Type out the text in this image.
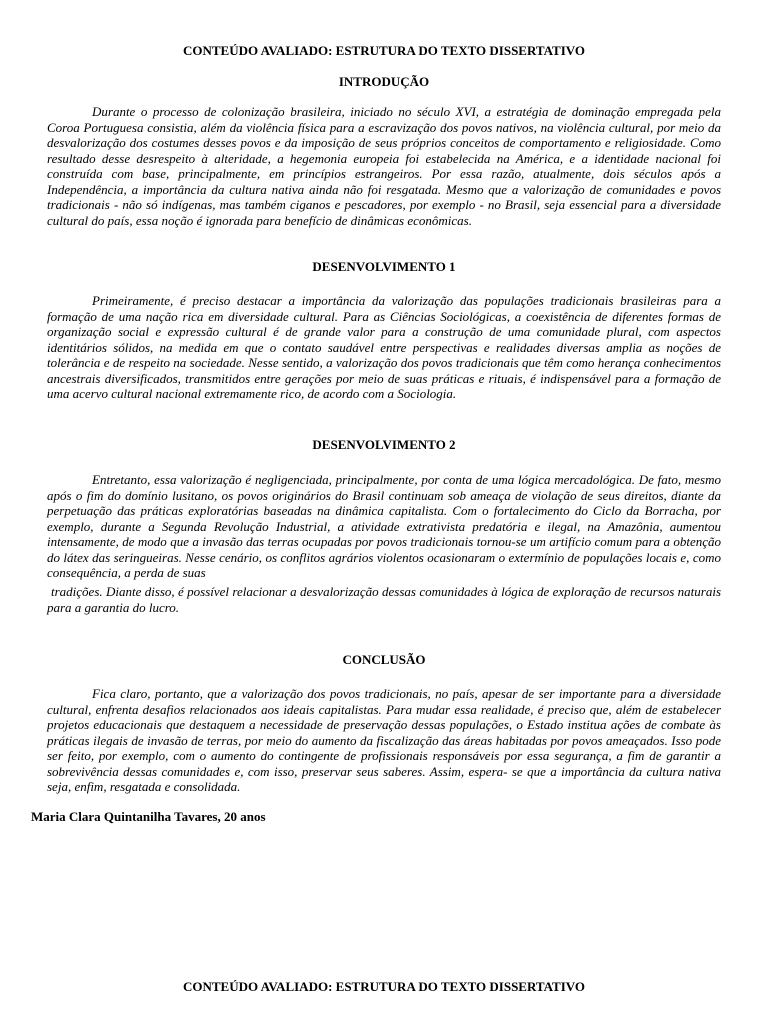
CONTEÚDO AVALIADO: ESTRUTURA DO TEXTO DISSERTATIVO
INTRODUÇÃO
Durante o processo de colonização brasileira, iniciado no século XVI, a estratégia de dominação empregada pela Coroa Portuguesa consistia, além da violência física para a escravização dos povos nativos, na violência cultural, por meio da desvalorização dos costumes desses povos e da imposição de seus próprios conceitos de comportamento e religiosidade. Como resultado desse desrespeito à alteridade, a hegemonia europeia foi estabelecida na América, e a identidade nacional foi construída com base, principalmente, em princípios estrangeiros. Por essa razão, atualmente, dois séculos após a Independência, a importância da cultura nativa ainda não foi resgatada. Mesmo que a valorização de comunidades e povos tradicionais - não só indígenas, mas também ciganos e pescadores, por exemplo - no Brasil, seja essencial para a diversidade cultural do país, essa noção é ignorada para benefício de dinâmicas econômicas.
DESENVOLVIMENTO 1
Primeiramente, é preciso destacar a importância da valorização das populações tradicionais brasileiras para a formação de uma nação rica em diversidade cultural. Para as Ciências Sociológicas, a coexistência de diferentes formas de organização social e expressão cultural é de grande valor para a construção de uma comunidade plural, com aspectos identitários sólidos, na medida em que o contato saudável entre perspectivas e realidades diversas amplia as noções de tolerância e de respeito na sociedade. Nesse sentido, a valorização dos povos tradicionais que têm como herança conhecimentos ancestrais diversificados, transmitidos entre gerações por meio de suas práticas e rituais, é indispensável para a formação de uma acervo cultural nacional extremamente rico, de acordo com a Sociologia.
DESENVOLVIMENTO 2
Entretanto, essa valorização é negligenciada, principalmente, por conta de uma lógica mercadológica. De fato, mesmo após o fim do domínio lusitano, os povos originários do Brasil continuam sob ameaça de violação de seus direitos, diante da perpetuação das práticas exploratórias baseadas na dinâmica capitalista. Com o fortalecimento do Ciclo da Borracha, por exemplo, durante a Segunda Revolução Industrial, a atividade extrativista predatória e ilegal, na Amazônia, aumentou intensamente, de modo que a invasão das terras ocupadas por povos tradicionais tornou-se um artifício comum para a obtenção do látex das seringueiras. Nesse cenário, os conflitos agrários violentos ocasionaram o extermínio de populações locais e, como consequência, a perda de suas
tradições. Diante disso, é possível relacionar a desvalorização dessas comunidades à lógica de exploração de recursos naturais para a garantia do lucro.
CONCLUSÃO
Fica claro, portanto, que a valorização dos povos tradicionais, no país, apesar de ser importante para a diversidade cultural, enfrenta desafios relacionados aos ideais capitalistas. Para mudar essa realidade, é preciso que, além de estabelecer projetos educacionais que destaquem a necessidade de preservação dessas populações, o Estado institua ações de combate às práticas ilegais de invasão de terras, por meio do aumento da fiscalização das áreas habitadas por povos ameaçados. Isso pode ser feito, por exemplo, com o aumento do contingente de profissionais responsáveis por essa segurança, a fim de garantir a sobrevivência dessas comunidades e, com isso, preservar seus saberes. Assim, espera- se que a importância da cultura nativa seja, enfim, resgatada e consolidada.
Maria Clara Quintanilha Tavares, 20 anos
CONTEÚDO AVALIADO: ESTRUTURA DO TEXTO DISSERTATIVO
